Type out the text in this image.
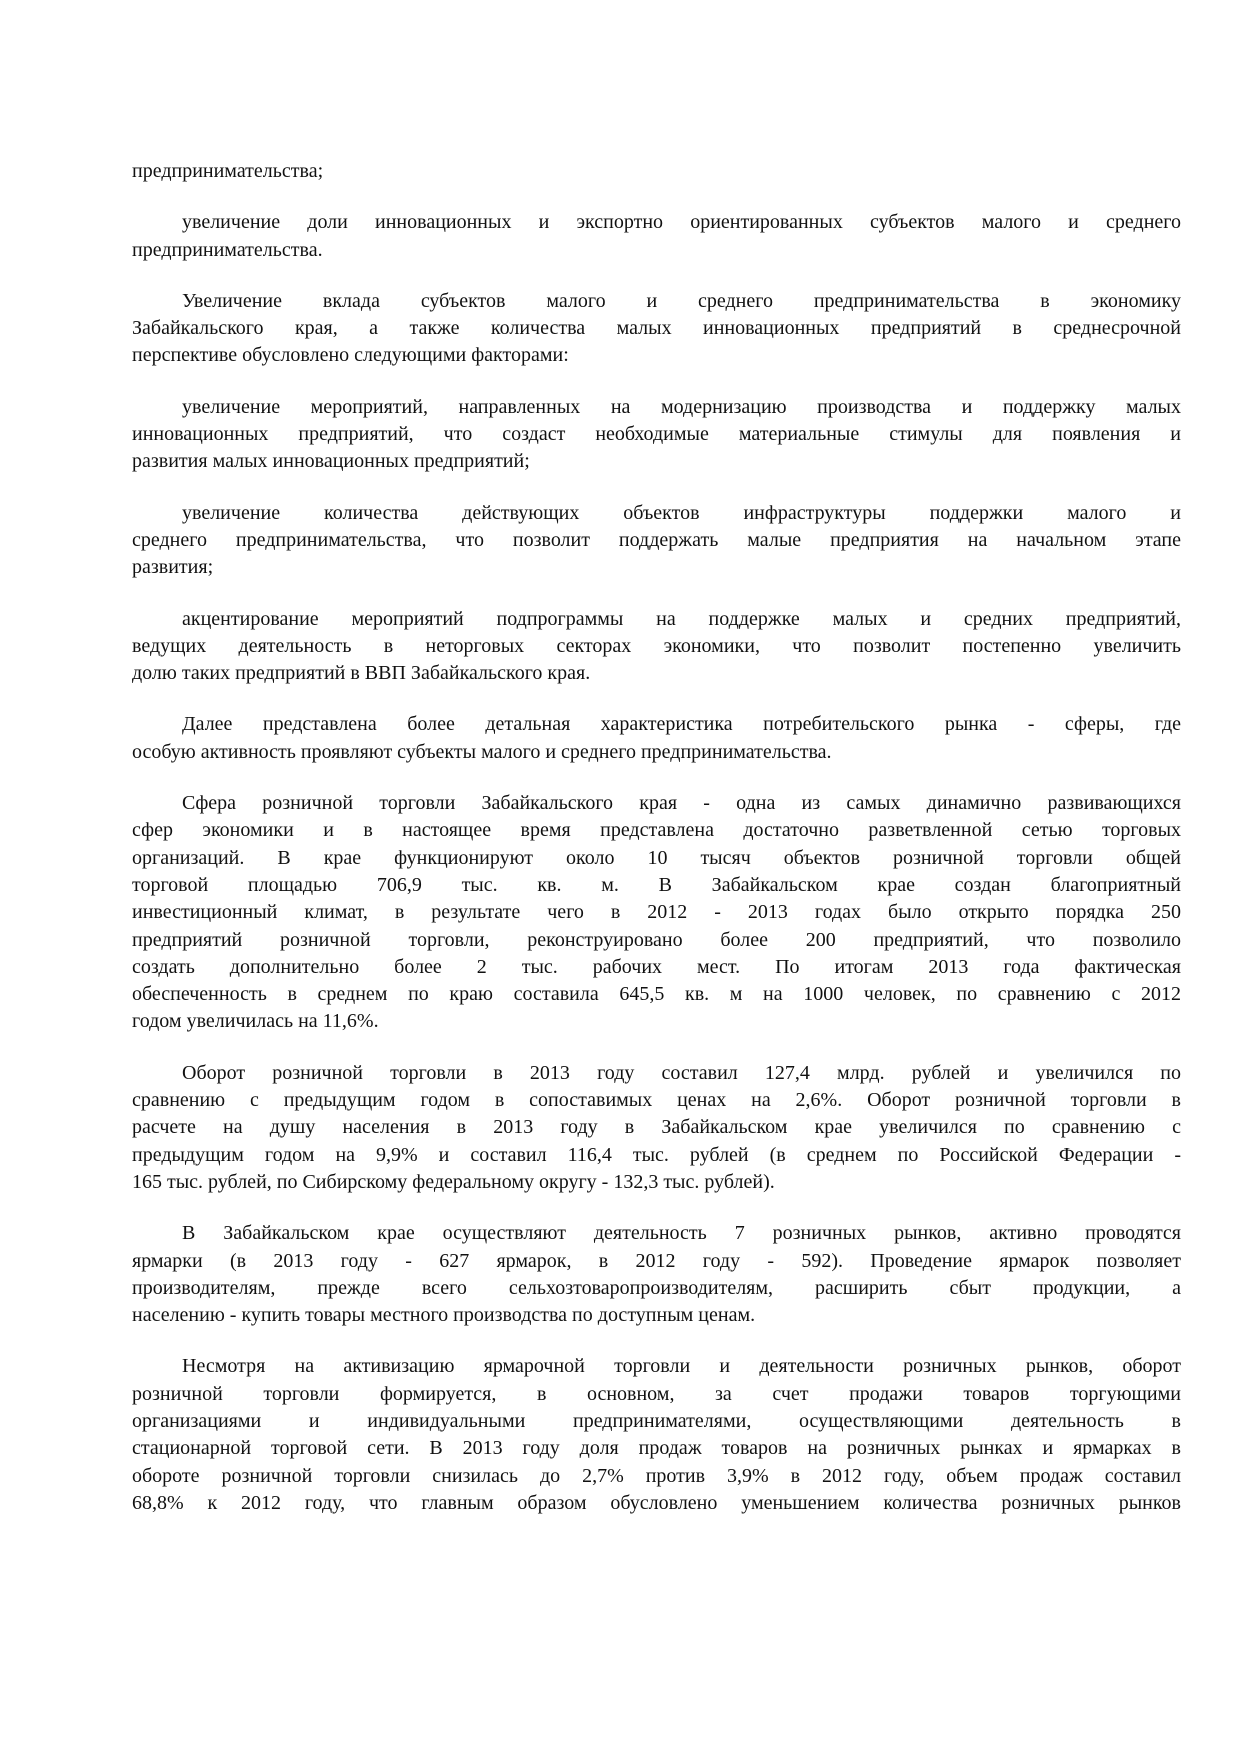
предпринимательства;
увеличение доли инновационных и экспортно ориентированных субъектов малого и среднего
предпринимательства.
Увеличение вклада субъектов малого и среднего предпринимательства в экономику
Забайкальского края, а также количества малых инновационных предприятий в среднесрочной
перспективе обусловлено следующими факторами:
увеличение мероприятий, направленных на модернизацию производства и поддержку малых
инновационных предприятий, что создаст необходимые материальные стимулы для появления и
развития малых инновационных предприятий;
увеличение количества действующих объектов инфраструктуры поддержки малого и
среднего предпринимательства, что позволит поддержать малые предприятия на начальном этапе
развития;
акцентирование мероприятий подпрограммы на поддержке малых и средних предприятий,
ведущих деятельность в неторговых секторах экономики, что позволит постепенно увеличить
долю таких предприятий в ВВП Забайкальского края.
Далее представлена более детальная характеристика потребительского рынка - сферы, где
особую активность проявляют субъекты малого и среднего предпринимательства.
Сфера розничной торговли Забайкальского края - одна из самых динамично развивающихся
сфер экономики и в настоящее время представлена достаточно разветвленной сетью торговых
организаций. В крае функционируют около 10 тысяч объектов розничной торговли общей
торговой площадью 706,9 тыс. кв. м. В Забайкальском крае создан благоприятный
инвестиционный климат, в результате чего в 2012 - 2013 годах было открыто порядка 250
предприятий розничной торговли, реконструировано более 200 предприятий, что позволило
создать дополнительно более 2 тыс. рабочих мест. По итогам 2013 года фактическая
обеспеченность в среднем по краю составила 645,5 кв. м на 1000 человек, по сравнению с 2012
годом увеличилась на 11,6%.
Оборот розничной торговли в 2013 году составил 127,4 млрд. рублей и увеличился по
сравнению с предыдущим годом в сопоставимых ценах на 2,6%. Оборот розничной торговли в
расчете на душу населения в 2013 году в Забайкальском крае увеличился по сравнению с
предыдущим годом на 9,9% и составил 116,4 тыс. рублей (в среднем по Российской Федерации -
165 тыс. рублей, по Сибирскому федеральному округу - 132,3 тыс. рублей).
В Забайкальском крае осуществляют деятельность 7 розничных рынков, активно проводятся
ярмарки (в 2013 году - 627 ярмарок, в 2012 году - 592). Проведение ярмарок позволяет
производителям, прежде всего сельхозтоваропроизводителям, расширить сбыт продукции, а
населению - купить товары местного производства по доступным ценам.
Несмотря на активизацию ярмарочной торговли и деятельности розничных рынков, оборот
розничной торговли формируется, в основном, за счет продажи товаров торгующими
организациями и индивидуальными предпринимателями, осуществляющими деятельность в
стационарной торговой сети. В 2013 году доля продаж товаров на розничных рынках и ярмарках в
обороте розничной торговли снизилась до 2,7% против 3,9% в 2012 году, объем продаж составил
68,8% к 2012 году, что главным образом обусловлено уменьшением количества розничных рынков
